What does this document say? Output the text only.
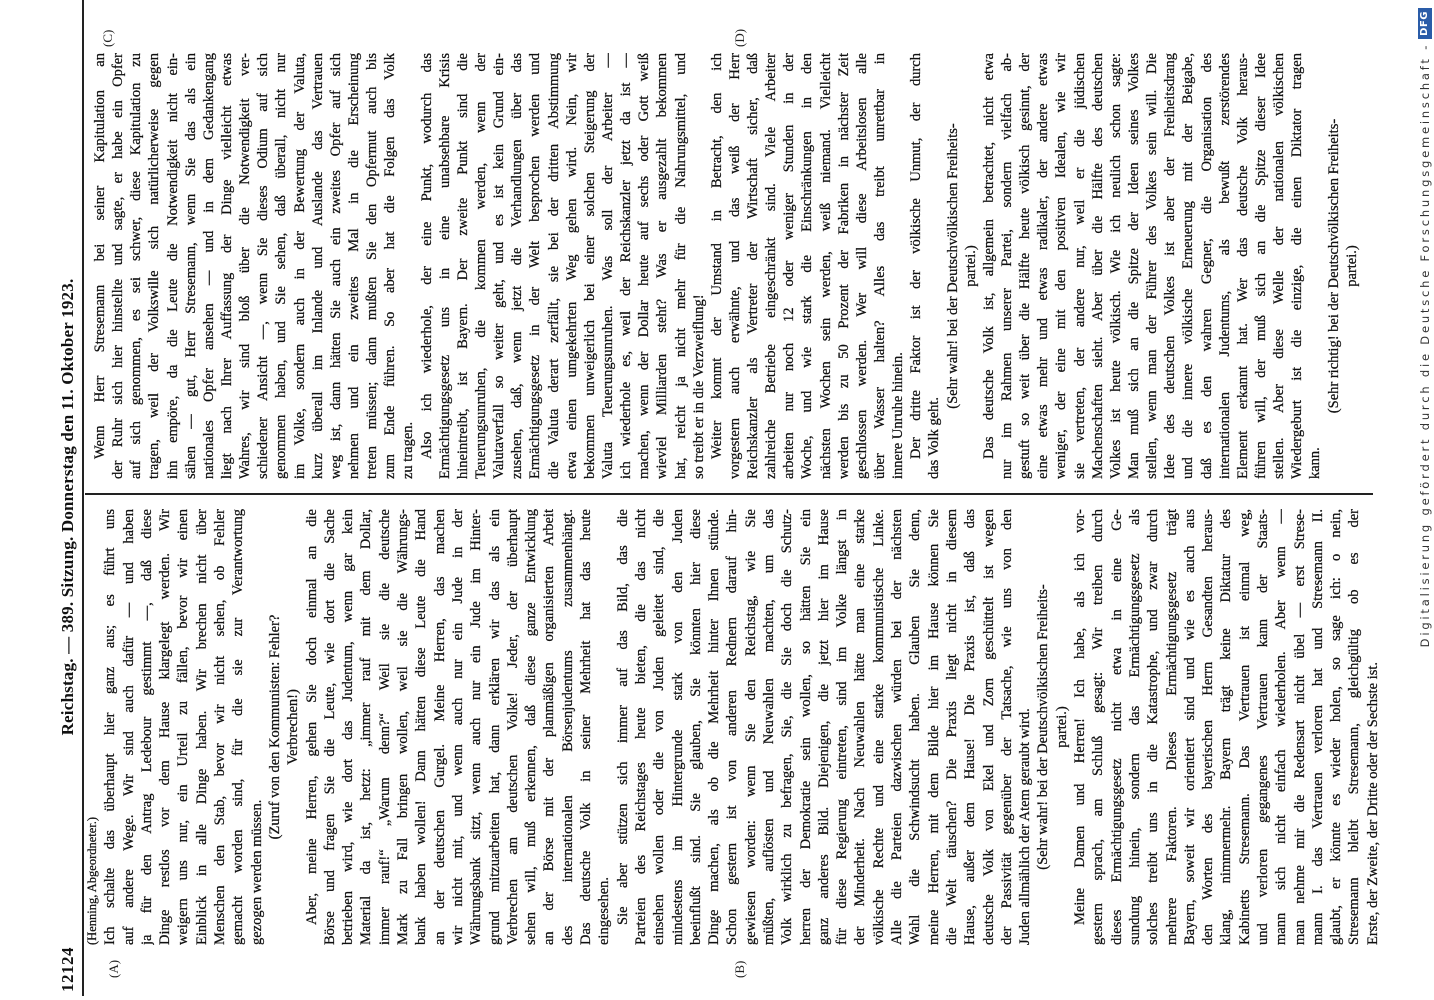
12124
Reichstag. — 389. Sitzung. Donnerstag den 11. Oktober 1923.
(A)	(B)
(C)	(D)
(Henning, Abgeordneter.) Ich schalte das überhaupt hier ganz aus; es führt uns auf andere Wege. Wir sind auch dafür — und haben ja für den Antrag Ledebour gestimmt —, daß diese Dinge restlos vor dem Hause klargelegt werden. Wir weigern uns nur, ein Urteil zu fällen, bevor wir einen Einblick in alle Dinge haben. Wir brechen nicht über Menschen den Stab, bevor wir nicht sehen, ob Fehler gemacht worden sind, für die sie zur Verantwortung gezogen werden müssen.
(Zuruf von den Kommunisten: Fehler? Verbrechen!) Aber, meine Herren, gehen Sie doch einmal an die Börse und fragen Sie die Leute, wie dort die Sache betrieben wird, wie dort das Judentum, wenn gar kein Material da ist, hetzt: „immer rauf mit dem Dollar, immer rauf!“ „Warum denn?“ Weil sie die deutsche Mark zu Fall bringen wollen, weil sie die Währungs- bank haben wollen! Dann hätten diese Leute die Hand an der deutschen Gurgel. Meine Herren, das machen wir nicht mit, und wenn auch nur ein Jude in der Währungsbank sitzt, wenn auch nur ein Jude im Hinter- grund mitzuarbeiten hat, dann erklären wir das als ein Verbrechen am deutschen Volke! Jeder, der überhaupt sehen will, muß erkennen, daß diese ganze Entwicklung an der Börse mit der planmäßigen organisierten Arbeit des internationalen Börsenjudentums zusammenhängt. Das deutsche Volk in seiner Mehrheit hat das heute eingesehen. Sie aber stützen sich immer auf das Bild, das die Parteien des Reichstages heute bieten, die das nicht einsehen wollen oder die von Juden geleitet sind, die mindestens im Hintergrunde stark von den Juden beeinflußt sind. Sie glauben, Sie könnten hier diese Dinge machen, als ob die Mehrheit hinter Ihnen stünde. Schon gestern ist von anderen Rednern darauf hin- gewiesen worden: wenn Sie den Reichstag, wie Sie müßten, auflösten und Neuwahlen machten, um das Volk wirklich zu befragen, Sie, die Sie doch die Schutz- herren der Demokratie sein wollen, so hätten Sie ein ganz anderes Bild. Diejenigen, die jetzt hier im Hause für diese Regierung eintreten, sind im Volke längst in der Minderheit. Nach Neuwahlen hätte man eine starke völkische Rechte und eine starke kommunistische Linke. Alle die Parteien dazwischen würden bei der nächsten Wahl die Schwindsucht haben. Glauben Sie denn, meine Herren, mit dem Bilde hier im Hause können Sie die Welt täuschen? Die Praxis liegt nicht in diesem Hause, außer dem Hause! Die Praxis ist, daß das deutsche Volk von Ekel und Zorn geschüttelt ist wegen der Passivität gegenüber der Tatsache, wie uns von den Juden allmählich der Atem geraubt wird. (Sehr wahr! bei der Deutschvölkischen Freiheits- partei.) Meine Damen und Herren! Ich habe, als ich vor- gestern sprach, am Schluß gesagt: Wir treiben durch dieses Ermächtigungsgesetz nicht etwa in eine Ge- sundung hinein, sondern das Ermächtigungsgesetz als solches treibt uns in die Katastrophe, und zwar durch mehrere Faktoren. Dieses Ermächtigungsgesetz trägt Bayern, soweit wir orientiert sind und wie es auch aus den Worten des bayerischen Herrn Gesandten heraus- klang, nimmermehr. Bayern trägt keine Diktatur des Kabinetts Stresemann. Das Vertrauen ist einmal weg, und verloren gegangenes Vertrauen kann der Staats- mann sich nicht einfach wiederholen. Aber wenn — man nehme mir die Redensart nicht übel — erst Strese- mann I. das Vertrauen verloren hat und Stresemann II. glaubt, er könnte es wieder holen, so sage ich: o nein, Stresemann bleibt Stresemann, gleichgültig ob es der Erste, der Zweite, der Dritte oder der Sechste ist.
Wenn Herr Stresemann bei seiner Kapitulation an der Ruhr sich hier hinstellte und sagte, er habe ein Opfer auf sich genommen, es sei schwer, diese Kapitulation zu tragen, weil der Volkswille sich natürlicherweise gegen ihn empöre, da die Leute die Notwendigkeit nicht ein- sähen — gut, Herr Stresemann, wenn Sie das als ein nationales Opfer ansehen — und in dem Gedankengang liegt nach Ihrer Auffassung der Dinge vielleicht etwas Wahres, wir sind bloß über die Notwendigkeit ver- schiedener Ansicht —, wenn Sie dieses Odium auf sich genommen haben, und Sie sehen, daß überall, nicht nur im Volke, sondern auch in der Bewertung der Valuta, kurz überall im Inlande und Auslande das Vertrauen weg ist, dann hätten Sie auch ein zweites Opfer auf sich nehmen und ein zweites Mal in die Erscheinung treten müssen; dann mußten Sie den Opfermut auch bis zum Ende führen. So aber hat die Folgen das Volk zu tragen. Also ich wiederhole, der eine Punkt, wodurch das Ermächtigungsgesetz uns in eine unabsehbare Krisis hineintreibt, ist Bayern. Der zweite Punkt sind die Teuerungsunruhen, die kommen werden, wenn der Valutaverfall so weiter geht, und es ist kein Grund ein- zusehen, daß, wenn jetzt die Verhandlungen über das Ermächtigungsgesetz in der Welt besprochen werden und die Valuta derart zerfällt, sie bei der dritten Abstimmung etwa einen umgekehrten Weg gehen wird. Nein, wir bekommen unweigerlich bei einer solchen Steigerung der Valuta Teuerungsunruhen. Was soll der Arbeiter — ich wiederhole es, weil der Reichskanzler jetzt da ist — machen, wenn der Dollar heute auf sechs oder Gott weiß wieviel Milliarden steht? Was er ausgezahlt bekommen hat, reicht ja nicht mehr für die Nahrungsmittel, und so treibt er in die Verzweiflung! Weiter kommt der Umstand in Betracht, den ich vorgestern auch erwähnte, und das weiß der Herr Reichskanzler als Vertreter der Wirtschaft sicher, daß zahlreiche Betriebe eingeschränkt sind. Viele Arbeiter arbeiten nur noch 12 oder weniger Stunden in der Woche, und wie stark die Einschränkungen in den nächsten Wochen sein werden, weiß niemand. Vielleicht werden bis zu 50 Prozent der Fabriken in nächster Zeit geschlossen werden. Wer will diese Arbeitslosen alle über Wasser halten? Alles das treibt unrettbar in innere Unruhe hinein. Der dritte Faktor ist der völkische Unmut, der durch das Volk geht.
(Sehr wahr! bei der Deutschvölkischen Freiheits- partei.) Das deutsche Volk ist, allgemein betrachtet, nicht etwa nur im Rahmen unserer Partei, sondern vielfach ab- gestuft so weit über die Hälfte heute völkisch gesinnt, der eine etwas mehr und etwas radikaler, der andere etwas weniger, der eine mit den positiven Idealen, wie wir sie vertreten, der andere nur, weil er die jüdischen Machenschaften sieht. Aber über die Hälfte des deutschen Volkes ist heute völkisch. Wie ich neulich schon sagte: Man muß sich an die Spitze der Ideen seines Volkes stellen, wenn man der Führer des Volkes sein will. Die Idee des deutschen Volkes ist aber der Freiheitsdrang und die innere völkische Erneuerung mit der Beigabe, daß es den wahren Gegner, die Organisation des internationalen Judentums, als bewußt zerstörendes Element erkannt hat. Wer das deutsche Volk heraus- führen will, der muß sich an die Spitze dieser Idee stellen. Aber diese Welle der nationalen völkischen Wiedergeburt ist die einzige, die einen Diktator tragen kann.
(Sehr richtig! bei der Deutschvölkischen Freiheits- partei.)	Digitalisierung gefördert durch die Deutsche Forschungsgemeinschaft -
DFG
